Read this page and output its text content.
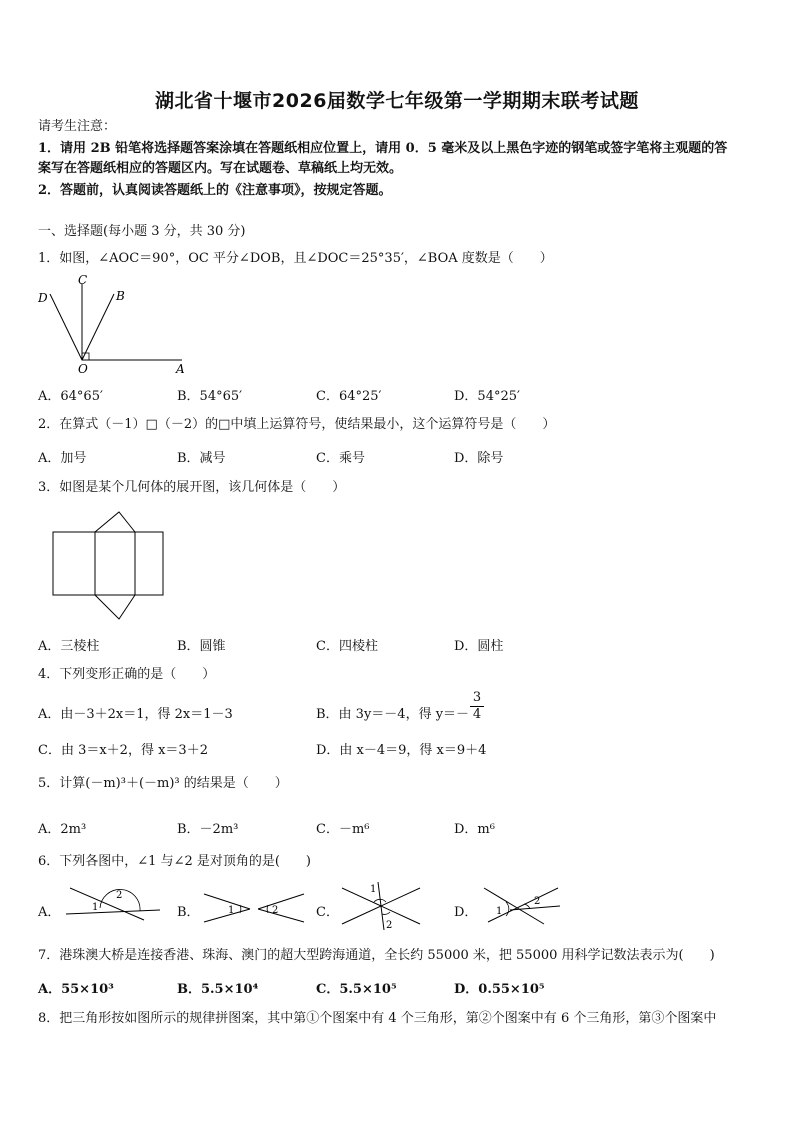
湖北省十堰市2026届数学七年级第一学期期末联考试题
请考生注意：
1．请用 2B 铅笔将选择题答案涂填在答题纸相应位置上，请用 0．5 毫米及以上黑色字迹的钢笔或签字笔将主观题的答
案写在答题纸相应的答题区内。写在试题卷、草稿纸上均无效。
2．答题前，认真阅读答题纸上的《注意事项》，按规定答题。
一、选择题(每小题 3 分，共 30 分)
1．如图，∠AOC＝90°，OC 平分∠DOB，且∠DOC＝25°35′，∠BOA 度数是（　　）
C
D	B
O	A
A．64°65′	B．54°65′	C．64°25′	D．54°25′
2．在算式（－1）□（－2）的□中填上运算符号，使结果最小，这个运算符号是（　　）
A．加号	B．减号	C．乘号	D．除号
3．如图是某个几何体的展开图，该几何体是（　　）
A．三棱柱	B．圆锥	C．四棱柱	D．圆柱
4．下列变形正确的是（　　）
A．由－3＋2x＝1，得 2x＝1－3	B．由 3y＝－4，得 $y=- \frac{3}{4}$
C．由 3＝x＋2，得 x＝3＋2	D．由 x－4＝9，得 x＝9＋4
5．计算(－m)³＋(－m)³ 的结果是（　　）
A．2m³	B．－2m³	C．－m⁶	D．m⁶
6．下列各图中，∠1 与∠2 是对顶角的是(　　)
A．	1
2
B．	1	2	C．
1
2
D． 1
2
7．港珠澳大桥是连接香港、珠海、澳门的超大型跨海通道，全长约 55000 米，把 55000 用科学记数法表示为(　　)
A．55×10³	B．5.5×10⁴	C．5.5×10⁵	D．0.55×10⁵
8．把三角形按如图所示的规律拼图案，其中第①个图案中有 4 个三角形，第②个图案中有 6 个三角形，第③个图案中
